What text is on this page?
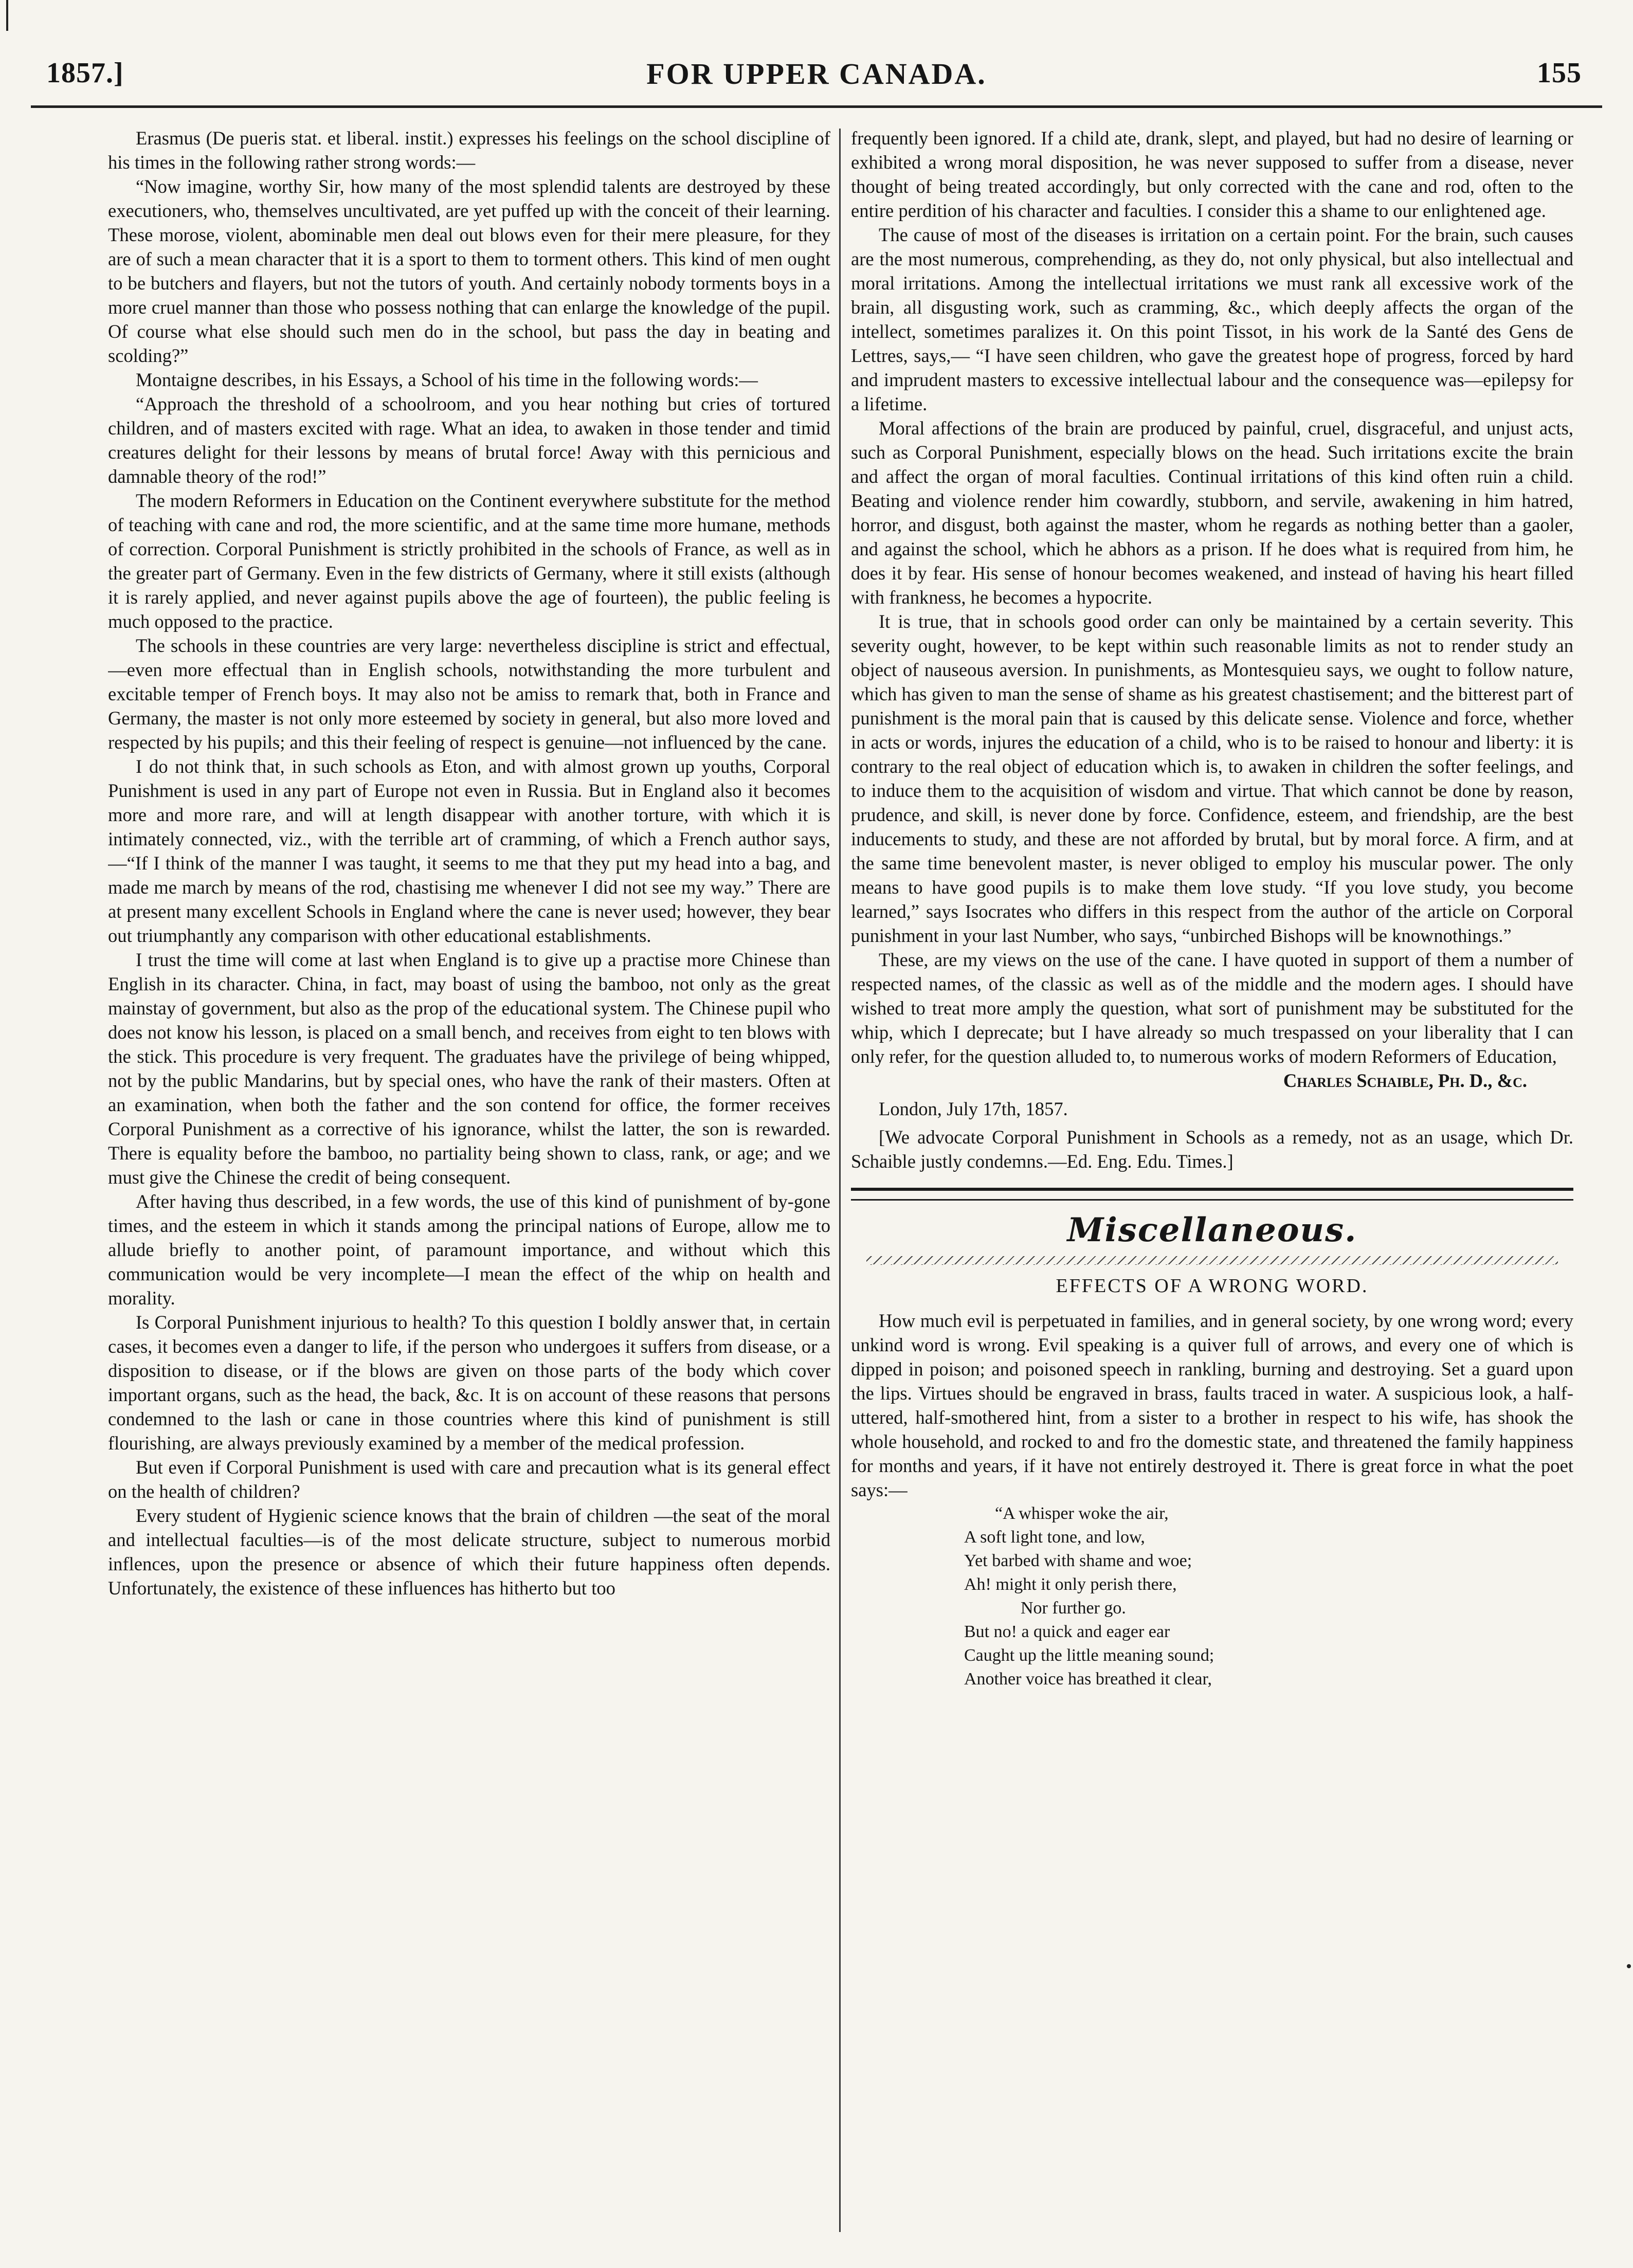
1857.]	FOR UPPER CANADA.	155

Erasmus (De pueris stat. et liberal. instit.) expresses his feelings on the school discipline of his times in the following rather strong words:—

“Now imagine, worthy Sir, how many of the most splendid talents are destroyed by these executioners, who, themselves uncultivated, are yet puffed up with the conceit of their learning. These morose, violent, abominable men deal out blows even for their mere pleasure, for they are of such a mean character that it is a sport to them to torment others. This kind of men ought to be butchers and flayers, but not the tutors of youth. And certainly nobody torments boys in a more cruel manner than those who possess nothing that can enlarge the knowledge of the pupil. Of course what else should such men do in the school, but pass the day in beating and scolding?”

Montaigne describes, in his Essays, a School of his time in the following words:—

“Approach the threshold of a schoolroom, and you hear nothing but cries of tortured children, and of masters excited with rage. What an idea, to awaken in those tender and timid creatures delight for their lessons by means of brutal force! Away with this pernicious and damnable theory of the rod!”

The modern Reformers in Education on the Continent everywhere substitute for the method of teaching with cane and rod, the more scientific, and at the same time more humane, methods of correction. Corporal Punishment is strictly prohibited in the schools of France, as well as in the greater part of Germany. Even in the few districts of Germany, where it still exists (although it is rarely applied, and never against pupils above the age of fourteen), the public feeling is much opposed to the practice.

The schools in these countries are very large: nevertheless discipline is strict and effectual,—even more effectual than in English schools, notwithstanding the more turbulent and excitable temper of French boys. It may also not be amiss to remark that, both in France and Germany, the master is not only more esteemed by society in general, but also more loved and respected by his pupils; and this their feeling of respect is genuine—not influenced by the cane.

I do not think that, in such schools as Eton, and with almost grown up youths, Corporal Punishment is used in any part of Europe not even in Russia. But in England also it becomes more and more rare, and will at length disappear with another torture, with which it is intimately connected, viz., with the terrible art of cramming, of which a French author says,—“If I think of the manner I was taught, it seems to me that they put my head into a bag, and made me march by means of the rod, chastising me whenever I did not see my way.” There are at present many excellent Schools in England where the cane is never used; however, they bear out triumphantly any comparison with other educational establishments.

I trust the time will come at last when England is to give up a practise more Chinese than English in its character. China, in fact, may boast of using the bamboo, not only as the great mainstay of government, but also as the prop of the educational system. The Chinese pupil who does not know his lesson, is placed on a small bench, and receives from eight to ten blows with the stick. This procedure is very frequent. The graduates have the privilege of being whipped, not by the public Mandarins, but by special ones, who have the rank of their masters. Often at an examination, when both the father and the son contend for office, the former receives Corporal Punishment as a corrective of his ignorance, whilst the latter, the son is rewarded. There is equality before the bamboo, no partiality being shown to class, rank, or age; and we must give the Chinese the credit of being consequent.

After having thus described, in a few words, the use of this kind of punishment of by-gone times, and the esteem in which it stands among the principal nations of Europe, allow me to allude briefly to another point, of paramount importance, and without which this communication would be very incomplete—I mean the effect of the whip on health and morality.

Is Corporal Punishment injurious to health? To this question I boldly answer that, in certain cases, it becomes even a danger to life, if the person who undergoes it suffers from disease, or a disposition to disease, or if the blows are given on those parts of the body which cover important organs, such as the head, the back, &c. It is on account of these reasons that persons condemned to the lash or cane in those countries where this kind of punishment is still flourishing, are always previously examined by a member of the medical profession.

But even if Corporal Punishment is used with care and precaution what is its general effect on the health of children?

Every student of Hygienic science knows that the brain of children —the seat of the moral and intellectual faculties—is of the most delicate structure, subject to numerous morbid inflences, upon the presence or absence of which their future happiness often depends. Unfortunately, the existence of these influences has hitherto but too

frequently been ignored. If a child ate, drank, slept, and played, but had no desire of learning or exhibited a wrong moral disposition, he was never supposed to suffer from a disease, never thought of being treated accordingly, but only corrected with the cane and rod, often to the entire perdition of his character and faculties. I consider this a shame to our enlightened age.

The cause of most of the diseases is irritation on a certain point. For the brain, such causes are the most numerous, comprehending, as they do, not only physical, but also intellectual and moral irritations. Among the intellectual irritations we must rank all excessive work of the brain, all disgusting work, such as cramming, &c., which deeply affects the organ of the intellect, sometimes paralizes it. On this point Tissot, in his work de la Santé des Gens de Lettres, says,— “I have seen children, who gave the greatest hope of progress, forced by hard and imprudent masters to excessive intellectual labour and the consequence was—epilepsy for a lifetime.

Moral affections of the brain are produced by painful, cruel, disgraceful, and unjust acts, such as Corporal Punishment, especially blows on the head. Such irritations excite the brain and affect the organ of moral faculties. Continual irritations of this kind often ruin a child. Beating and violence render him cowardly, stubborn, and servile, awakening in him hatred, horror, and disgust, both against the master, whom he regards as nothing better than a gaoler, and against the school, which he abhors as a prison. If he does what is required from him, he does it by fear. His sense of honour becomes weakened, and instead of having his heart filled with frankness, he becomes a hypocrite.

It is true, that in schools good order can only be maintained by a certain severity. This severity ought, however, to be kept within such reasonable limits as not to render study an object of nauseous aversion. In punishments, as Montesquieu says, we ought to follow nature, which has given to man the sense of shame as his greatest chastisement; and the bitterest part of punishment is the moral pain that is caused by this delicate sense. Violence and force, whether in acts or words, injures the education of a child, who is to be raised to honour and liberty: it is contrary to the real object of education which is, to awaken in children the softer feelings, and to induce them to the acquisition of wisdom and virtue. That which cannot be done by reason, prudence, and skill, is never done by force. Confidence, esteem, and friendship, are the best inducements to study, and these are not afforded by brutal, but by moral force. A firm, and at the same time benevolent master, is never obliged to employ his muscular power. The only means to have good pupils is to make them love study. “If you love study, you become learned,” says Isocrates who differs in this respect from the author of the article on Corporal punishment in your last Number, who says, “unbirched Bishops will be knownothings.”

These, are my views on the use of the cane. I have quoted in support of them a number of respected names, of the classic as well as of the middle and the modern ages. I should have wished to treat more amply the question, what sort of punishment may be substituted for the whip, which I deprecate; but I have already so much trespassed on your liberality that I can only refer, for the question alluded to, to numerous works of modern Reformers of Education,

Charles Schaible, Ph. D., &c.

London, July 17th, 1857.

[We advocate Corporal Punishment in Schools as a remedy, not as an usage, which Dr. Schaible justly condemns.—Ed. Eng. Edu. Times.]

Miscellaneous.
EFFECTS OF A WRONG WORD.

How much evil is perpetuated in families, and in general society, by one wrong word; every unkind word is wrong. Evil speaking is a quiver full of arrows, and every one of which is dipped in poison; and poisoned speech in rankling, burning and destroying. Set a guard upon the lips. Virtues should be engraved in brass, faults traced in water. A suspicious look, a half-uttered, half-smothered hint, from a sister to a brother in respect to his wife, has shook the whole household, and rocked to and fro the domestic state, and threatened the family happiness for months and years, if it have not entirely destroyed it. There is great force in what the poet says:—

“A whisper woke the air,
A soft light tone, and low,
Yet barbed with shame and woe;
Ah! might it only perish there,
Nor further go.
But no! a quick and eager ear
Caught up the little meaning sound;
Another voice has breathed it clear,
